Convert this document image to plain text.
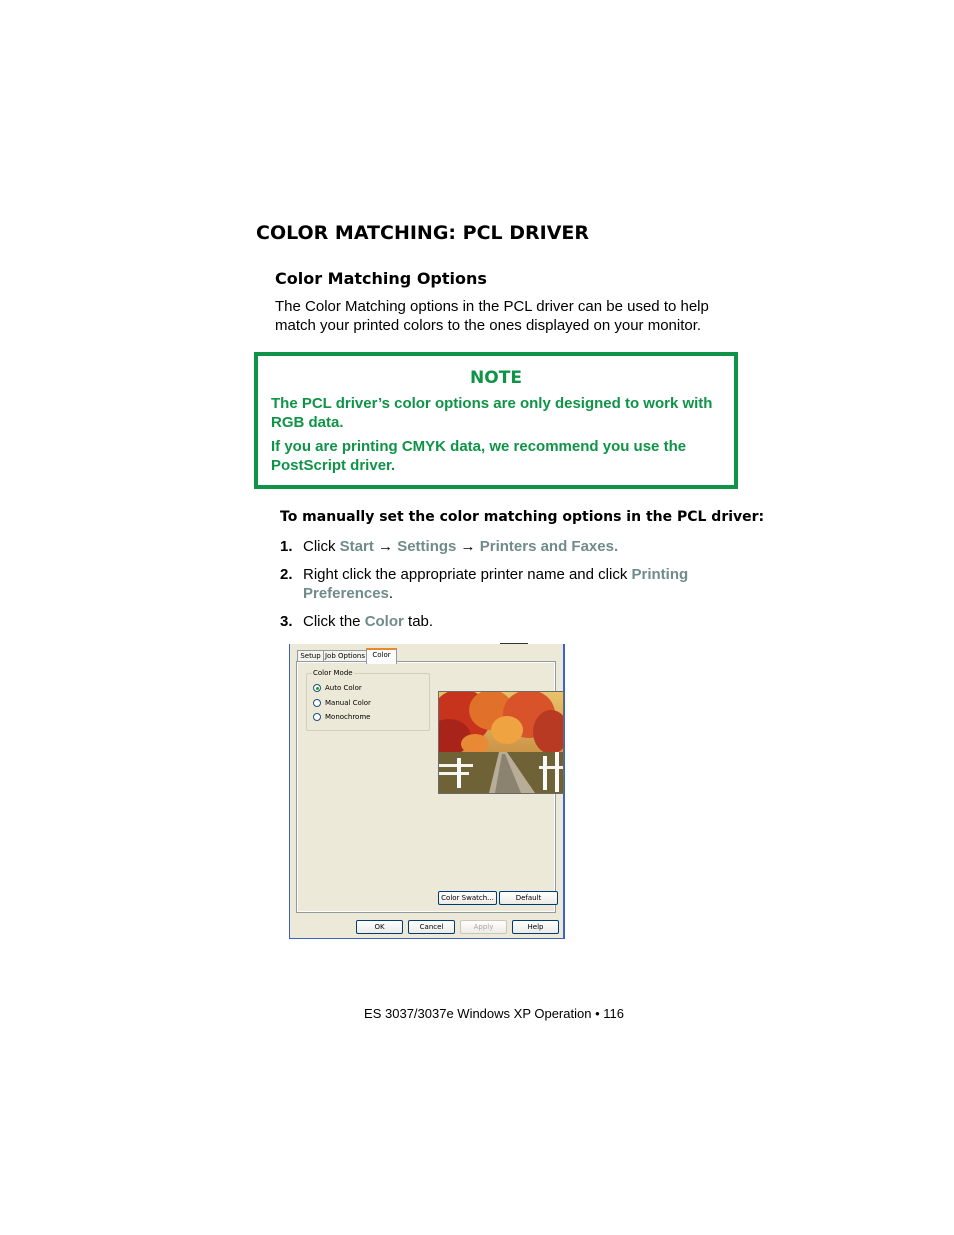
COLOR MATCHING: PCL DRIVER
Color Matching Options
The Color Matching options in the PCL driver can be used to help match your printed colors to the ones displayed on your monitor.
NOTE
The PCL driver’s color options are only designed to work with RGB data.
If you are printing CMYK data, we recommend you use the PostScript driver.
To manually set the color matching options in the PCL driver:
1. Click Start → Settings → Printers and Faxes.
2. Right click the appropriate printer name and click Printing Preferences.
3. Click the Color tab.
Setup Job Options	Color
Color Mode
Auto Color
Manual Color
Monochrome
Color Swatch...	Default
OK	Cancel	Apply	Help
ES 3037/3037e Windows XP Operation • 116
